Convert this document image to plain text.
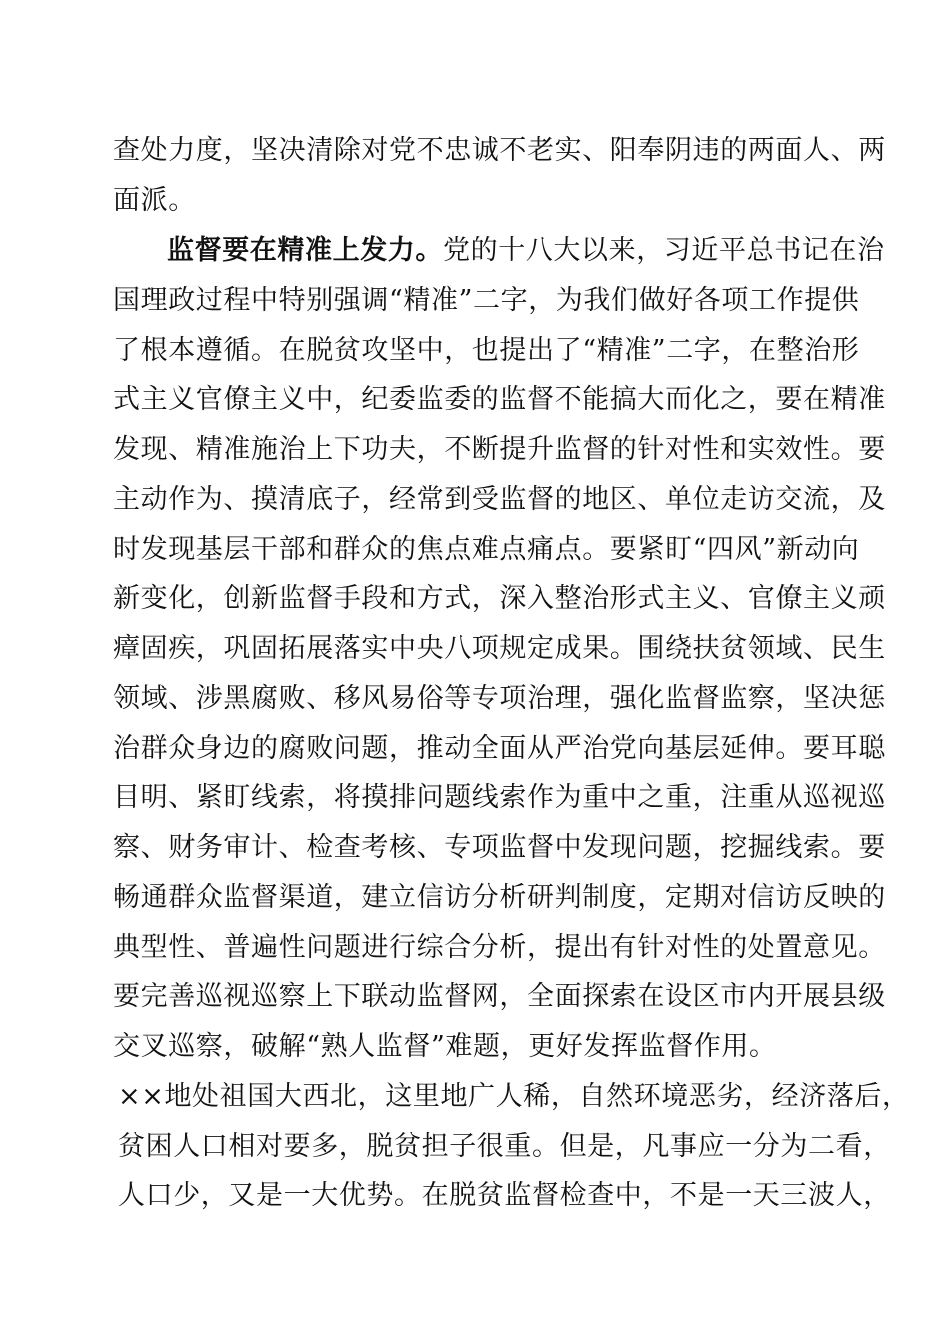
查处力度，坚决清除对党不忠诚不老实、阳奉阴违的两面人、两
面派。
监督要在精准上发力。党的十八大以来，习近平总书记在治
国理政过程中特别强调“精准”二字，为我们做好各项工作提供
了根本遵循。在脱贫攻坚中，也提出了“精准”二字，在整治形
式主义官僚主义中，纪委监委的监督不能搞大而化之，要在精准
发现、精准施治上下功夫，不断提升监督的针对性和实效性。要
主动作为、摸清底子，经常到受监督的地区、单位走访交流，及
时发现基层干部和群众的焦点难点痛点。要紧盯“四风”新动向
新变化，创新监督手段和方式，深入整治形式主义、官僚主义顽
瘴固疾，巩固拓展落实中央八项规定成果。围绕扶贫领域、民生
领域、涉黑腐败、移风易俗等专项治理，强化监督监察，坚决惩
治群众身边的腐败问题，推动全面从严治党向基层延伸。要耳聪
目明、紧盯线索，将摸排问题线索作为重中之重，注重从巡视巡
察、财务审计、检查考核、专项监督中发现问题，挖掘线索。要
畅通群众监督渠道，建立信访分析研判制度，定期对信访反映的
典型性、普遍性问题进行综合分析，提出有针对性的处置意见。
要完善巡视巡察上下联动监督网，全面探索在设区市内开展县级
交叉巡察，破解“熟人监督”难题，更好发挥监督作用。
××地处祖国大西北，这里地广人稀，自然环境恶劣，经济落后，
贫困人口相对要多，脱贫担子很重。但是，凡事应一分为二看，
人口少，又是一大优势。在脱贫监督检查中，不是一天三波人，
